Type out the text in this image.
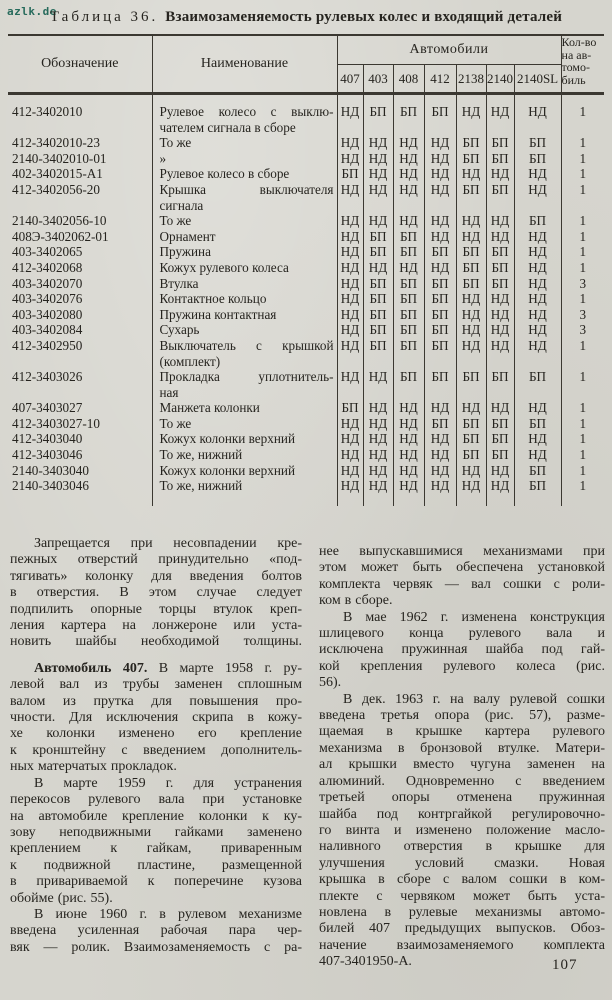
azlk.de
Таблица 36. Взаимозаменяемость рулевых колес и входящий деталей
Обозначение	Наименование	Автомобили							Кол-во
на ав-
томо-
биль

		407	403	408	412	2138	2140	2140SL	
412-3402010	Рулевое колесо с выклю-
чателем сигнала в сборе	НД	БП	БП	БП	НД	НД	НД	1
412-3402010-23	То же	НД	НД	НД	НД	БП	БП	БП	1
2140-3402010-01	»	НД	НД	НД	НД	БП	БП	БП	1
402-3402015-А1	Рулевое колесо в сборе	БП	НД	НД	НД	НД	НД	НД	1
412-3402056-20	Крышка выключателя
сигнала	НД	НД	НД	НД	БП	БП	НД	1
2140-3402056-10	То же	НД	НД	НД	НД	НД	НД	БП	1
408Э-3402062-01	Орнамент	НД	БП	БП	НД	НД	НД	НД	1
403-3402065	Пружина	НД	БП	БП	БП	БП	БП	НД	1
412-3402068	Кожух рулевого колеса	НД	НД	НД	НД	БП	БП	НД	1
403-3402070	Втулка	НД	БП	БП	БП	БП	БП	НД	3
403-3402076	Контактное кольцо	НД	БП	БП	БП	НД	НД	НД	1
403-3402080	Пружина контактная	НД	БП	БП	БП	НД	НД	НД	3
403-3402084	Сухарь	НД	БП	БП	БП	НД	НД	НД	3
412-3402950	Выключатель с крышкой
(комплект)	НД	БП	БП	БП	НД	НД	НД	1
412-3403026	Прокладка уплотнитель-
ная	НД	НД	БП	БП	БП	БП	БП	1
407-3403027	Манжета колонки	БП	НД	НД	НД	НД	НД	НД	1
412-3403027-10	То же	НД	НД	НД	БП	БП	БП	БП	1
412-3403040	Кожух колонки верхний	НД	НД	НД	НД	БП	БП	НД	1
412-3403046	То же, нижний	НД	НД	НД	НД	БП	БП	НД	1
2140-3403040	Кожух колонки верхний	НД	НД	НД	НД	НД	НД	БП	1
2140-3403046	То же, нижний	НД	НД	НД	НД	НД	НД	БП	1
Запрещается при несовпадении кре-
пежных отверстий принудительно «под-
тягивать» колонку для введения болтов
в отверстия. В этом случае следует
подпилить опорные торцы втулок креп-
ления картера на лонжероне или уста-
новить шайбы необходимой толщины.
Автомобиль 407. В марте 1958 г. ру-
левой вал из трубы заменен сплошным
валом из прутка для повышения про-
чности. Для исключения скрипа в кожу-
хе колонки изменено его крепление
к кронштейну с введением дополнитель-
ных матерчатых прокладок.
В марте 1959 г. для устранения
перекосов рулевого вала при установке
на автомобиле крепление колонки к ку-
зову неподвижными гайками заменено
креплением к гайкам, приваренным
к подвижной пластине, размещенной
в привариваемой к поперечине кузова
обойме (рис. 55).
В июне 1960 г. в рулевом механизме
введена усиленная рабочая пара чер-
вяк — ролик. Взаимозаменяемость с ра-
нее выпускавшимися механизмами при
этом может быть обеспечена установкой
комплекта червяк — вал сошки с роли-
ком в сборе.
В мае 1962 г. изменена конструкция
шлицевого конца рулевого вала и
исключена пружинная шайба под гай-
кой крепления рулевого колеса (рис.
56).
В дек. 1963 г. на валу рулевой сошки
введена третья опора (рис. 57), разме-
щаемая в крышке картера рулевого
механизма в бронзовой втулке. Матери-
ал крышки вместо чугуна заменен на
алюминий. Одновременно с введением
третьей опоры отменена пружинная
шайба под контргайкой регулировочно-
го винта и изменено положение масло-
наливного отверстия в крышке для
улучшения условий смазки. Новая
крышка в сборе с валом сошки в ком-
плекте с червяком может быть уста-
новлена в рулевые механизмы автомо-
билей 407 предыдущих выпусков. Обоз-
начение взаимозаменяемого комплекта
407-3401950-А.	107
